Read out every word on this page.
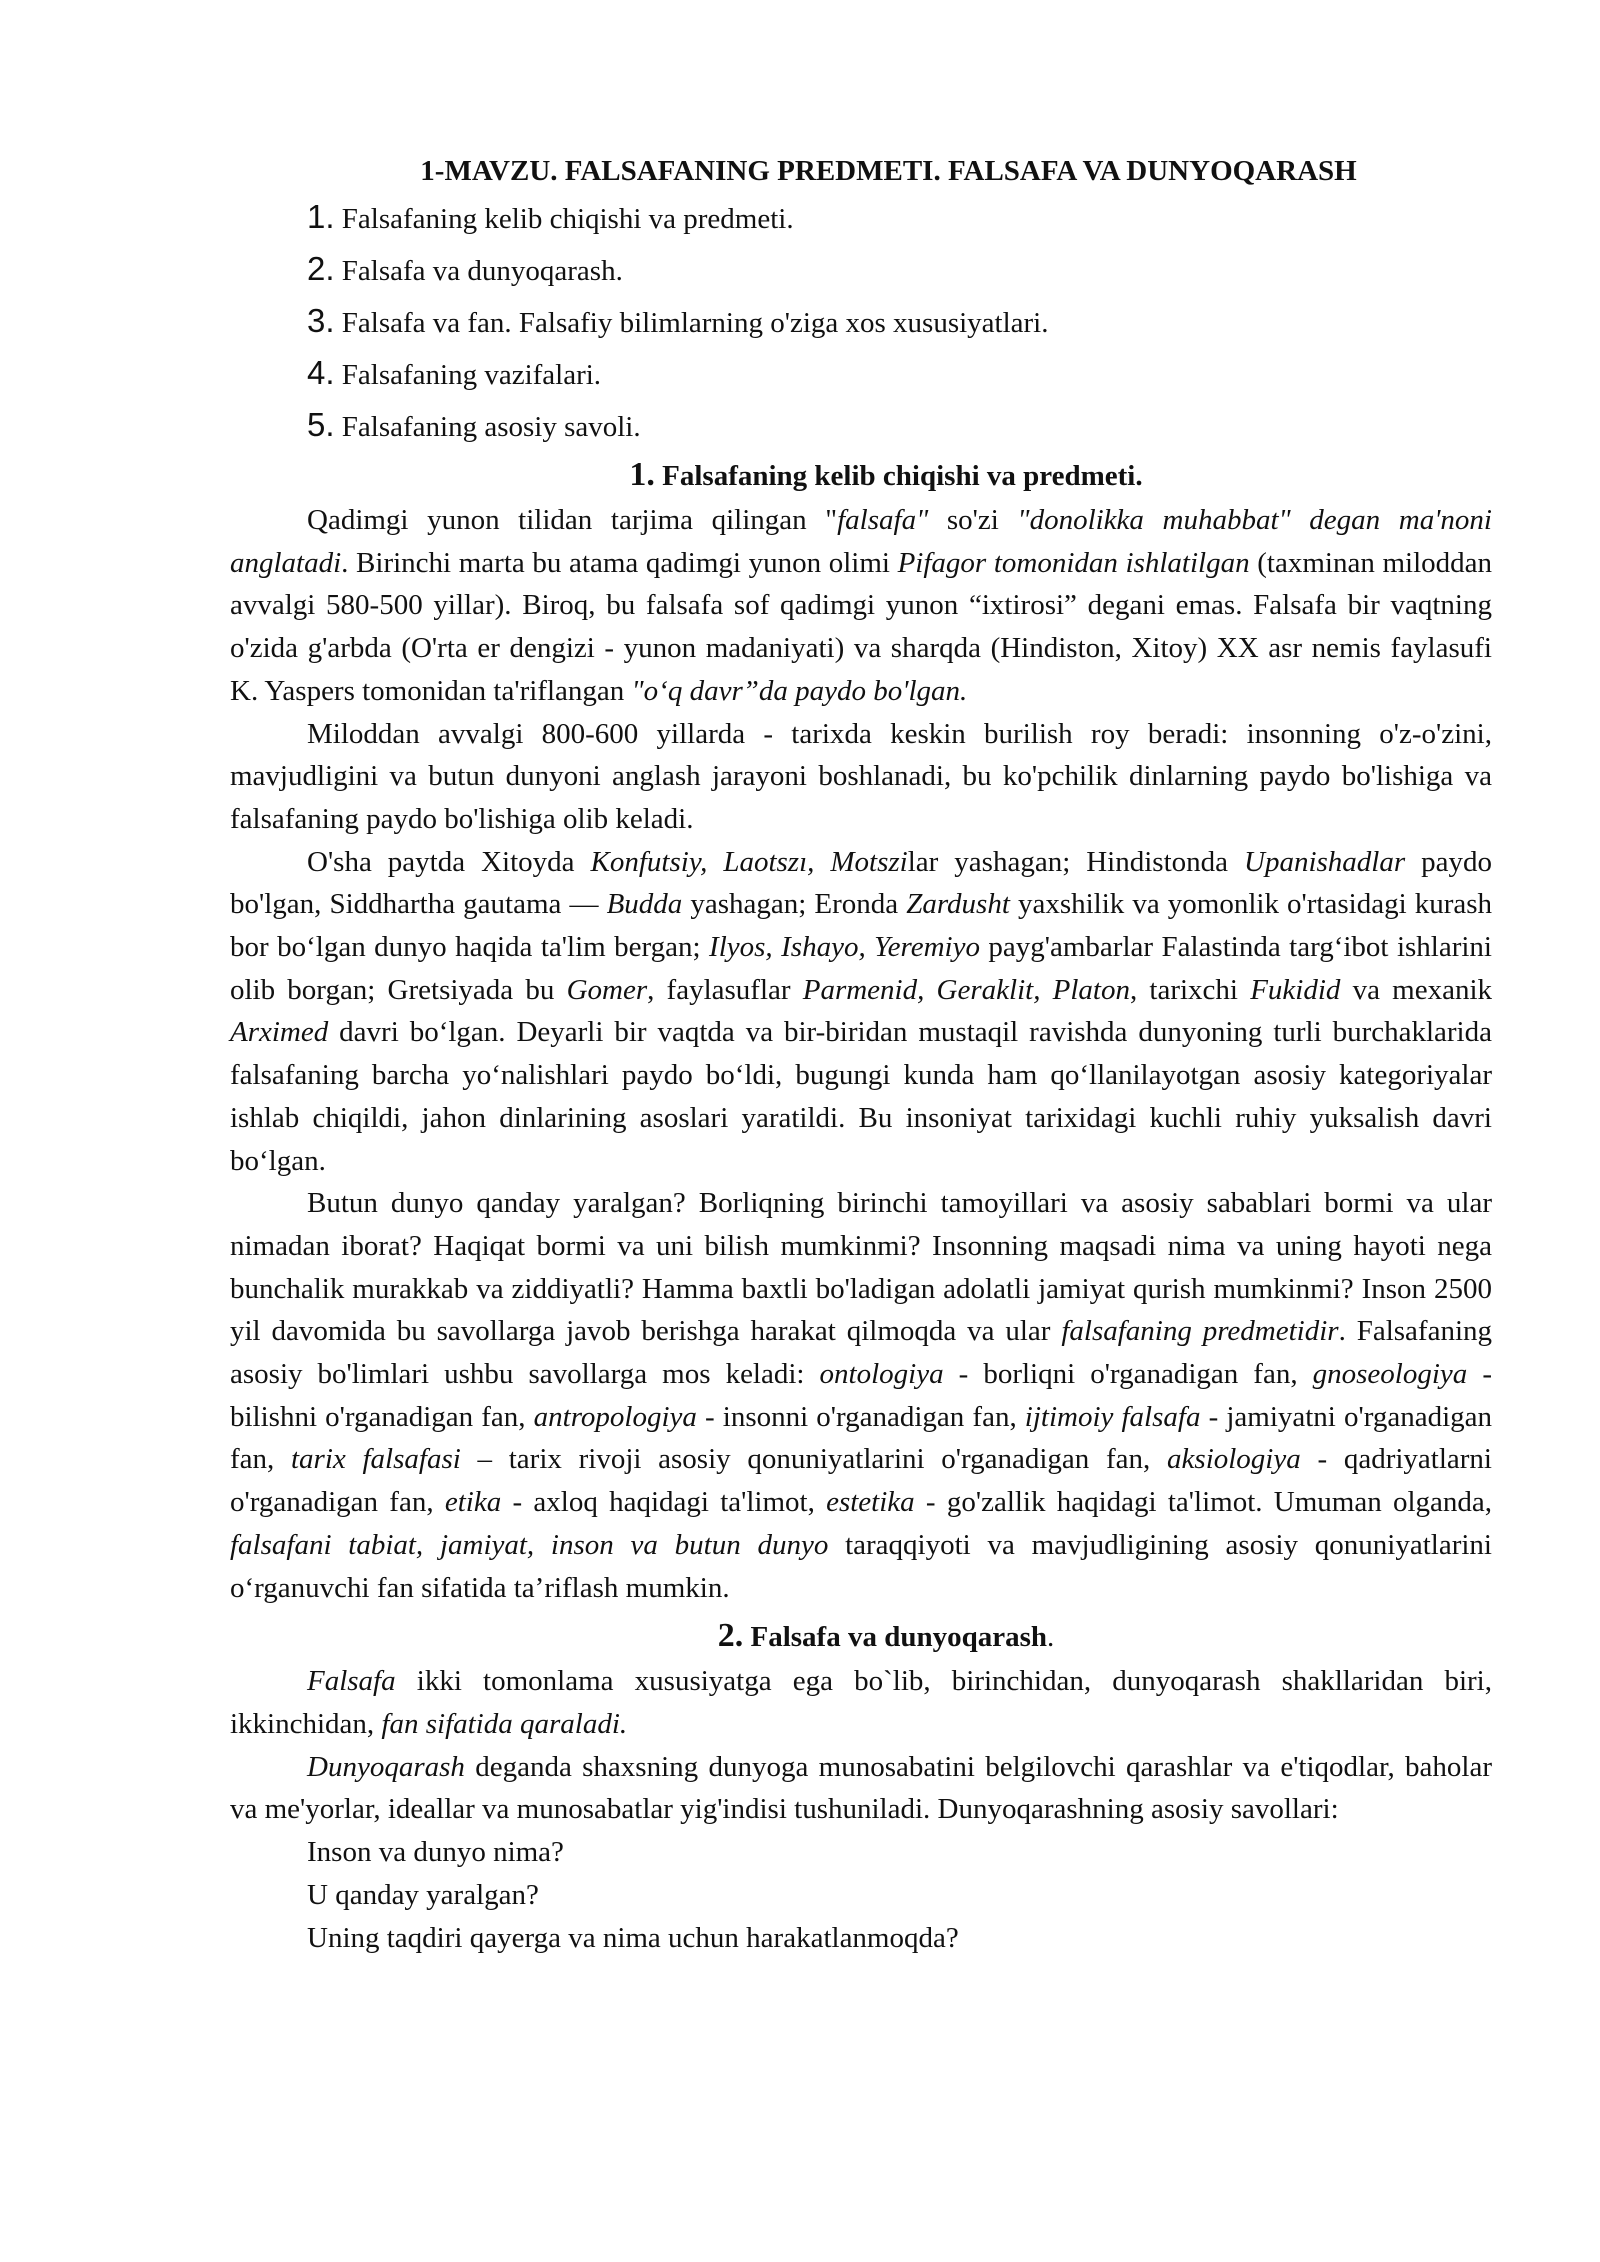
1-MAVZU. FALSAFANING PREDMETI. FALSAFA VA DUNYOQARASH
1. Falsafaning kelib chiqishi va predmeti.
2. Falsafa va dunyoqarash.
3. Falsafa va fan. Falsafiy bilimlarning o'ziga xos xususiyatlari.
4. Falsafaning vazifalari.
5. Falsafaning asosiy savoli.
1. Falsafaning kelib chiqishi va predmeti.

Qadimgi yunon tilidan tarjima qilingan "falsafa" so'zi "donolikka muhabbat" degan ma'noni anglatadi. Birinchi marta bu atama qadimgi yunon olimi Pifagor tomonidan ishlatilgan (taxminan miloddan avvalgi 580-500 yillar). Biroq, bu falsafa sof qadimgi yunon “ixtirosi” degani emas. Falsafa bir vaqtning o'zida g'arbda (O'rta er dengizi - yunon madaniyati) va sharqda (Hindiston, Xitoy) XX asr nemis faylasufi K. Yaspers tomonidan ta'riflangan "o‘q davr”da paydo bo'lgan.

Miloddan avvalgi 800-600 yillarda - tarixda keskin burilish roy beradi: insonning o'z-o'zini, mavjudligini va butun dunyoni anglash jarayoni boshlanadi, bu ko'pchilik dinlarning paydo bo'lishiga va falsafaning paydo bo'lishiga olib keladi.

O'sha paytda Xitoyda Konfutsiy, Laotszı, Motszilar yashagan; Hindistonda Upanishadlar paydo bo'lgan, Siddhartha gautama — Budda yashagan; Eronda Zardusht yaxshilik va yomonlik o'rtasidagi kurash bor bo‘lgan dunyo haqida ta'lim bergan; Ilyos, Ishayo, Yeremiyo payg'ambarlar Falastinda targ‘ibot ishlarini olib borgan; Gretsiyada bu Gomer, faylasuflar Parmenid, Geraklit, Platon, tarixchi Fukidid va mexanik Arximed davri bo‘lgan. Deyarli bir vaqtda va bir-biridan mustaqil ravishda dunyoning turli burchaklarida falsafaning barcha yo‘nalishlari paydo bo‘ldi, bugungi kunda ham qo‘llanilayotgan asosiy kategoriyalar ishlab chiqildi, jahon dinlarining asoslari yaratildi. Bu insoniyat tarixidagi kuchli ruhiy yuksalish davri bo‘lgan.

Butun dunyo qanday yaralgan? Borliqning birinchi tamoyillari va asosiy sabablari bormi va ular nimadan iborat? Haqiqat bormi va uni bilish mumkinmi? Insonning maqsadi nima va uning hayoti nega bunchalik murakkab va ziddiyatli? Hamma baxtli bo'ladigan adolatli jamiyat qurish mumkinmi? Inson 2500 yil davomida bu savollarga javob berishga harakat qilmoqda va ular falsafaning predmetidir. Falsafaning asosiy bo'limlari ushbu savollarga mos keladi: ontologiya - borliqni o'rganadigan fan, gnoseologiya - bilishni o'rganadigan fan, antropologiya - insonni o'rganadigan fan, ijtimoiy falsafa - jamiyatni o'rganadigan fan, tarix falsafasi – tarix rivoji asosiy qonuniyatlarini o'rganadigan fan, aksiologiya - qadriyatlarni o'rganadigan fan, etika - axloq haqidagi ta'limot, estetika - go'zallik haqidagi ta'limot. Umuman olganda, falsafani tabiat, jamiyat, inson va butun dunyo taraqqiyoti va mavjudligining asosiy qonuniyatlarini o‘rganuvchi fan sifatida ta’riflash mumkin.

2. Falsafa va dunyoqarash.

Falsafa ikki tomonlama xususiyatga ega bo`lib, birinchidan, dunyoqarash shakllaridan biri, ikkinchidan, fan sifatida qaraladi.

Dunyoqarash deganda shaxsning dunyoga munosabatini belgilovchi qarashlar va e'tiqodlar, baholar va me'yorlar, ideallar va munosabatlar yig'indisi tushuniladi. Dunyoqarashning asosiy savollari:

Inson va dunyo nima?

U qanday yaralgan?

Uning taqdiri qayerga va nima uchun harakatlanmoqda?
